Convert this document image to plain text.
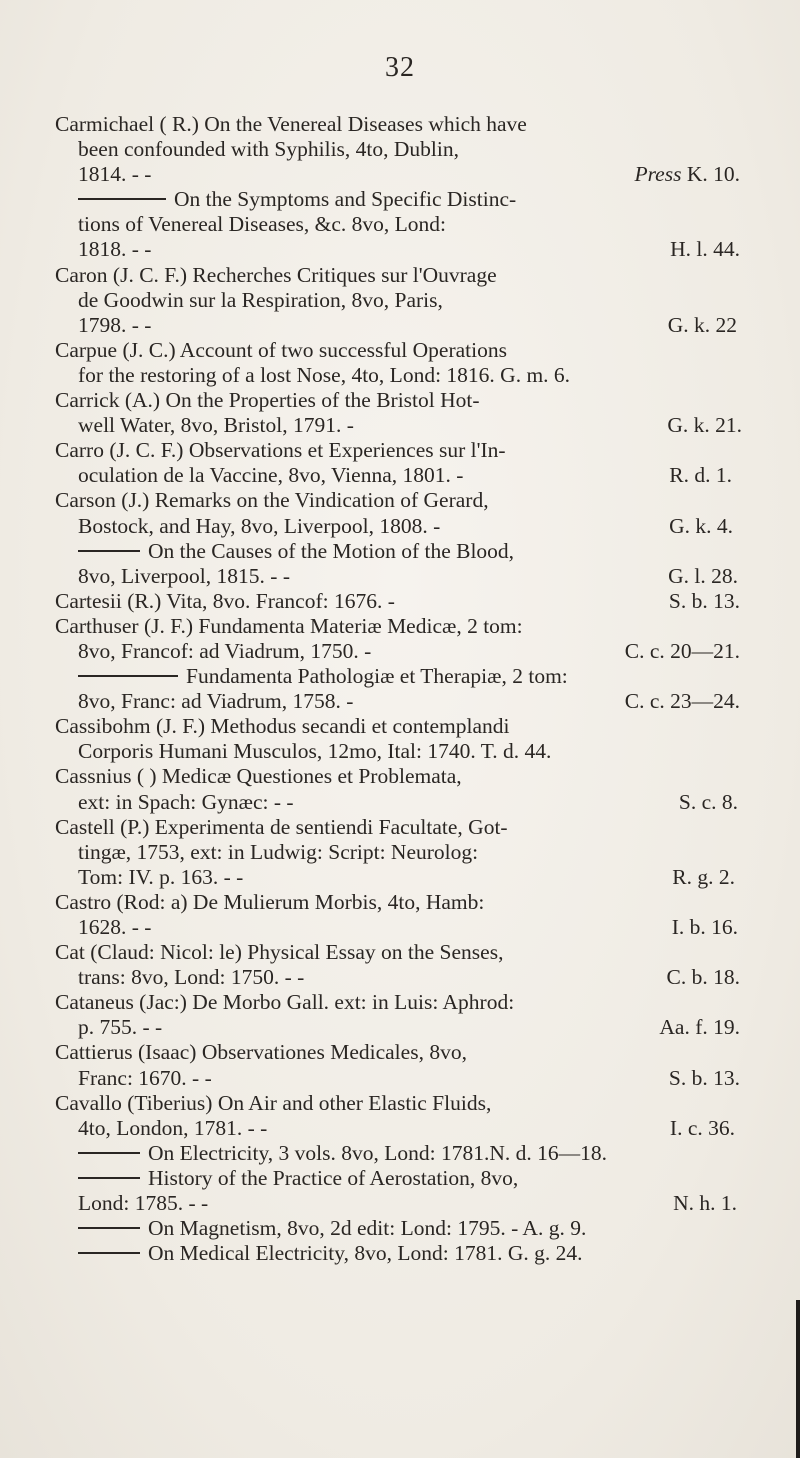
32
Carmichael ( R.) On the Venereal Diseases which have
been confounded with Syphilis, 4to, Dublin,
1814. - -	Press K. 10.
On the Symptoms and Specific Distinc-
tions of Venereal Diseases, &c. 8vo, Lond:
1818. - -	H. l. 44.
Caron (J. C. F.) Recherches Critiques sur l'Ouvrage
de Goodwin sur la Respiration, 8vo, Paris,
1798. - -	G. k. 22
Carpue (J. C.) Account of two successful Operations
for the restoring of a lost Nose, 4to, Lond: 1816. G. m. 6.
Carrick (A.) On the Properties of the Bristol Hot-
well Water, 8vo, Bristol, 1791. -	G. k. 21.
Carro (J. C. F.) Observations et Experiences sur l'In-
oculation de la Vaccine, 8vo, Vienna, 1801. -	R. d. 1.
Carson (J.) Remarks on the Vindication of Gerard,
Bostock, and Hay, 8vo, Liverpool, 1808. -	G. k. 4.
On the Causes of the Motion of the Blood,
8vo, Liverpool, 1815. - -	G. l. 28.
Cartesii (R.) Vita, 8vo. Francof: 1676. -	S. b. 13.
Carthuser (J. F.) Fundamenta Materiæ Medicæ, 2 tom:
8vo, Francof: ad Viadrum, 1750. -	C. c. 20—21.
Fundamenta Pathologiæ et Therapiæ, 2 tom:
8vo, Franc: ad Viadrum, 1758. -	C. c. 23—24.
Cassibohm (J. F.) Methodus secandi et contemplandi
Corporis Humani Musculos, 12mo, Ital: 1740. T. d. 44.
Cassnius ( ) Medicæ Questiones et Problemata,
ext: in Spach: Gynæc: - -	S. c. 8.
Castell (P.) Experimenta de sentiendi Facultate, Got-
tingæ, 1753, ext: in Ludwig: Script: Neurolog:
Tom: IV. p. 163. - -	R. g. 2.
Castro (Rod: a) De Mulierum Morbis, 4to, Hamb:
1628. - -	I. b. 16.
Cat (Claud: Nicol: le) Physical Essay on the Senses,
trans: 8vo, Lond: 1750. - -	C. b. 18.
Cataneus (Jac:) De Morbo Gall. ext: in Luis: Aphrod:
p. 755. - -	Aa. f. 19.
Cattierus (Isaac) Observationes Medicales, 8vo,
Franc: 1670. - -	S. b. 13.
Cavallo (Tiberius) On Air and other Elastic Fluids,
4to, London, 1781. - -	I. c. 36.
On Electricity, 3 vols. 8vo, Lond: 1781.N. d. 16—18.
History of the Practice of Aerostation, 8vo,
Lond: 1785. - -	N. h. 1.
On Magnetism, 8vo, 2d edit: Lond: 1795. - A. g. 9.
On Medical Electricity, 8vo, Lond: 1781. G. g. 24.
